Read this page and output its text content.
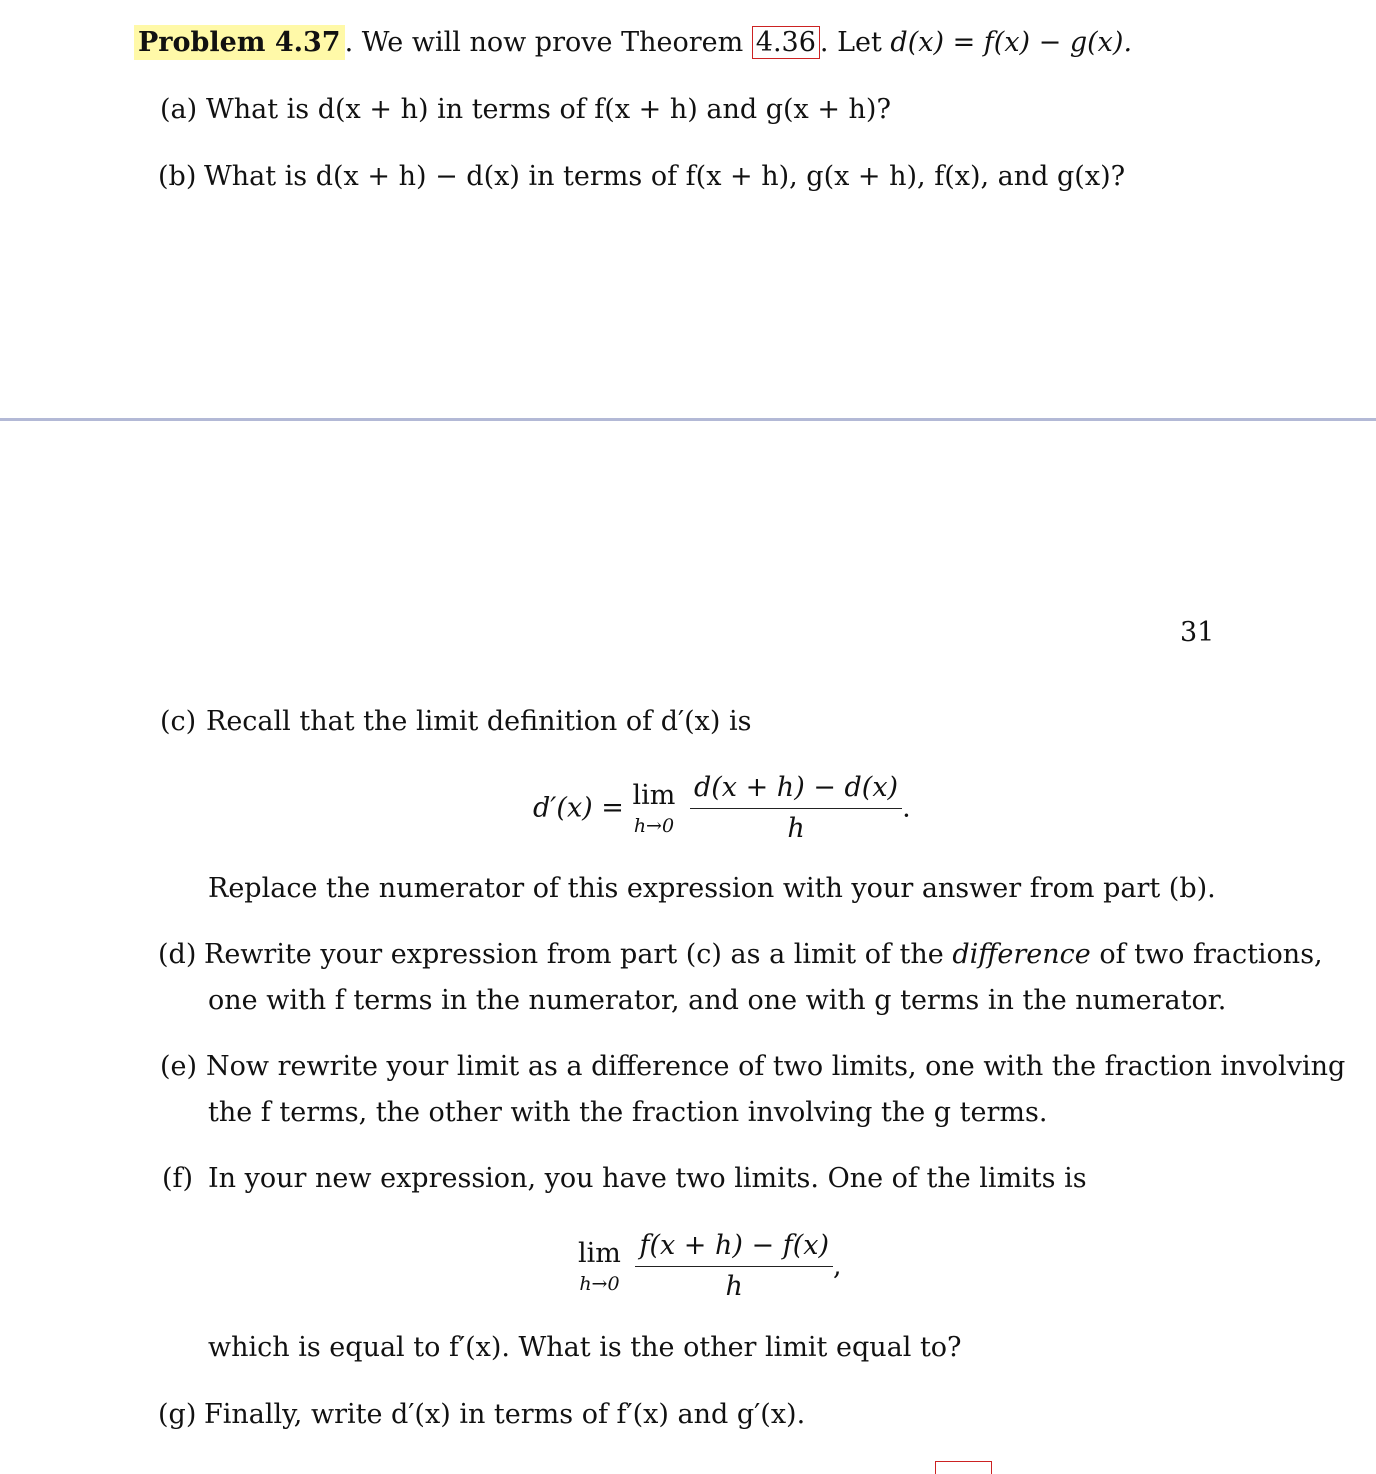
Problem 4.37 . We will now prove Theorem 4.36 . Let d(x) = f(x) − g(x).
(a) What is d(x + h) in terms of f(x + h) and g(x + h)?
(b) What is d(x + h) − d(x) in terms of f(x + h), g(x + h), f(x), and g(x)?
31
(c) Recall that the limit definition of d′(x) is
d′(x) = lim
h→0
$\frac{d(x + h) - d(x)}{h}$ .
Replace the numerator of this expression with your answer from part (b).
(d) Rewrite your expression from part (c) as a limit of the difference of two fractions,
one with f terms in the numerator, and one with g terms in the numerator.
(e) Now rewrite your limit as a difference of two limits, one with the fraction involving
the f terms, the other with the fraction involving the g terms.
(f) In your new expression, you have two limits. One of the limits is
lim
h→0
$\frac{f(x + h) - f(x)}{h}$ ,
which is equal to f′(x). What is the other limit equal to?
(g) Finally, write d′(x) in terms of f′(x) and g′(x).
